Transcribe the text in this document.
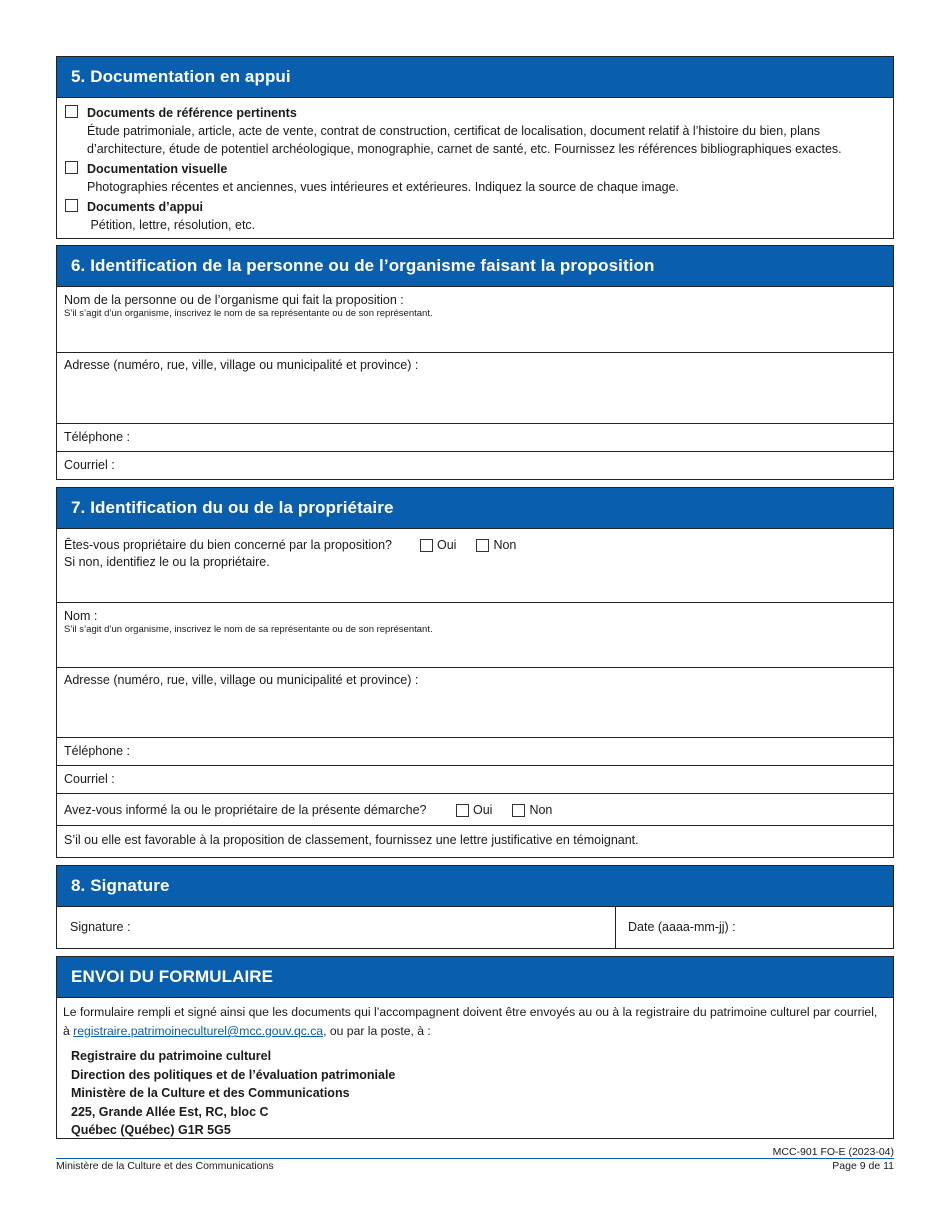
5. Documentation en appui
Documents de référence pertinents
Étude patrimoniale, article, acte de vente, contrat de construction, certificat de localisation, document relatif à l’histoire du bien, plans d’architecture, étude de potentiel archéologique, monographie, carnet de santé, etc. Fournissez les références bibliographiques exactes.
Documentation visuelle
Photographies récentes et anciennes, vues intérieures et extérieures. Indiquez la source de chaque image.
Documents d’appui
Pétition, lettre, résolution, etc.
6. Identification de la personne ou de l’organisme faisant la proposition
Nom de la personne ou de l’organisme qui fait la proposition :
S’il s’agit d’un organisme, inscrivez le nom de sa représentante ou de son représentant.
Adresse (numéro, rue, ville, village ou municipalité et province) :
Téléphone :
Courriel :
7. Identification du ou de la propriétaire
Êtes-vous propriétaire du bien concerné par la proposition?
Si non, identifiez le ou la propriétaire.
Oui	Non
Nom :
S’il s’agit d’un organisme, inscrivez le nom de sa représentante ou de son représentant.
Adresse (numéro, rue, ville, village ou municipalité et province) :
Téléphone :
Courriel :
Avez-vous informé la ou le propriétaire de la présente démarche?	Oui	Non
S’il ou elle est favorable à la proposition de classement, fournissez une lettre justificative en témoignant.
8. Signature
Signature :	Date (aaaa-mm-jj) :
ENVOI DU FORMULAIRE
Le formulaire rempli et signé ainsi que les documents qui l’accompagnent doivent être envoyés au ou à la registraire du patrimoine culturel par courriel, à registraire.patrimoineculturel@mcc.gouv.qc.ca, ou par la poste, à :
Registraire du patrimoine culturel
Direction des politiques et de l’évaluation patrimoniale
Ministère de la Culture et des Communications
225, Grande Allée Est, RC, bloc C
Québec (Québec) G1R 5G5
MCC-901 FO-E (2023-04)
Ministère de la Culture et des Communications	Page 9 de 11
